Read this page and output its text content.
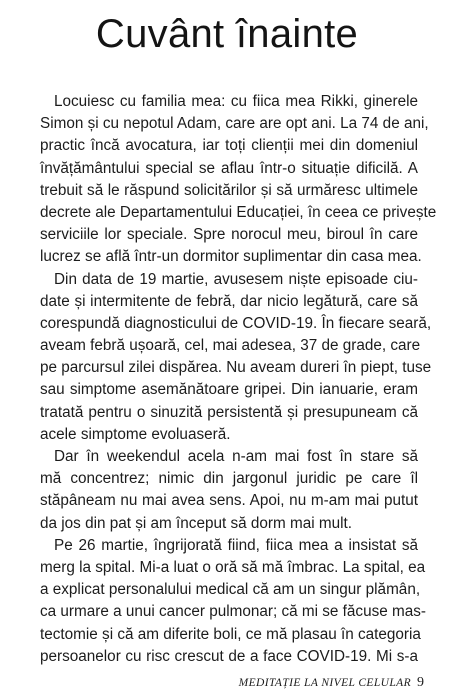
Cuvânt înainte
Locuiesc cu familia mea: cu fiica mea Rikki, ginerele
Simon și cu nepotul Adam, care are opt ani. La 74 de ani,
practic încă avocatura, iar toți clienții mei din domeniul
învățământului special se aflau într-o situație dificilă. A
trebuit să le răspund solicitărilor și să urmăresc ultimele
decrete ale Departamentului Educației, în ceea ce privește
serviciile lor speciale. Spre norocul meu, biroul în care
lucrez se află într-un dormitor suplimentar din casa mea.
Din data de 19 martie, avusesem niște episoade ciu-
date și intermitente de febră, dar nicio legătură, care să
corespundă diagnosticului de COVID-19. În fiecare seară,
aveam febră ușoară, cel, mai adesea, 37 de grade, care
pe parcursul zilei dispărea. Nu aveam dureri în piept, tuse
sau simptome asemănătoare gripei. Din ianuarie, eram
tratată pentru o sinuzită persistentă și presupuneam că
acele simptome evoluaseră.
Dar în weekendul acela n-am mai fost în stare să
mă concentrez; nimic din jargonul juridic pe care îl
stăpâneam nu mai avea sens. Apoi, nu m-am mai putut
da jos din pat și am început să dorm mai mult.
Pe 26 martie, îngrijorată fiind, fiica mea a insistat să
merg la spital. Mi-a luat o oră să mă îmbrac. La spital, ea
a explicat personalului medical că am un singur plămân,
ca urmare a unui cancer pulmonar; că mi se făcuse mas-
tectomie și că am diferite boli, ce mă plasau în categoria
persoanelor cu risc crescut de a face COVID-19. Mi s-a
MEDITAȚIE LA NIVEL CELULAR 9
